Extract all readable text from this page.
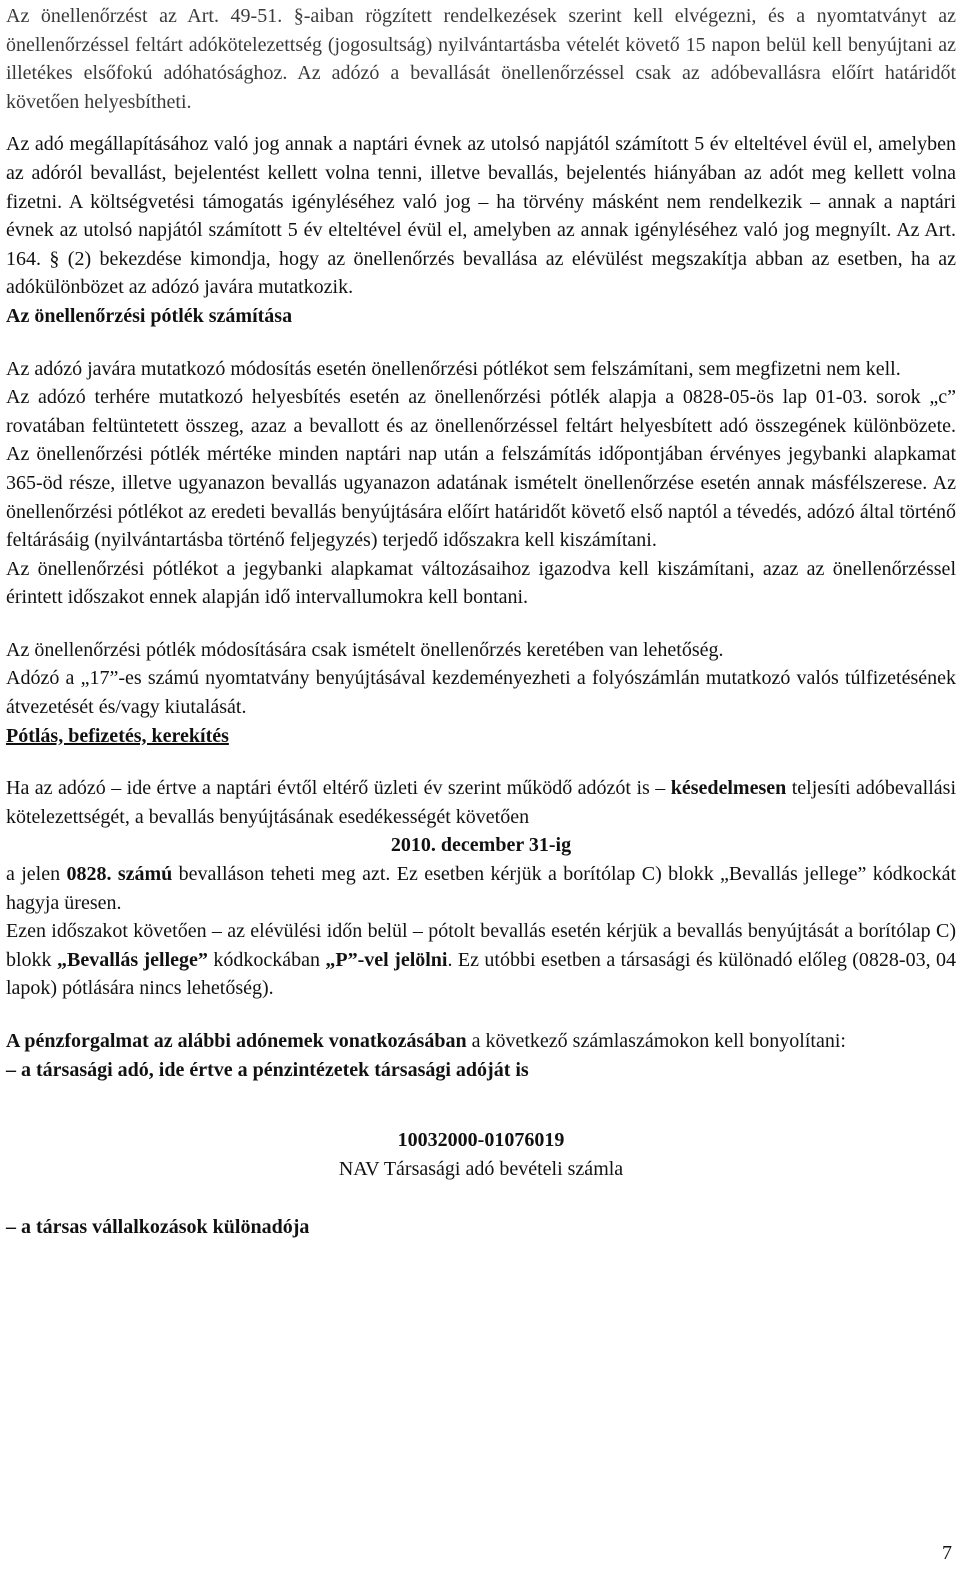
Az önellenőrzést az Art. 49-51. §-aiban rögzített rendelkezések szerint kell elvégezni, és a nyomtatványt az önellenőrzéssel feltárt adókötelezettség (jogosultság) nyilvántartásba vételét követő 15 napon belül kell benyújtani az illetékes elsőfokú adóhatósághoz. Az adózó a bevallását önellenőrzéssel csak az adóbevallásra előírt határidőt követően helyesbítheti.

Az adó megállapításához való jog annak a naptári évnek az utolsó napjától számított 5 év elteltével évül el, amelyben az adóról bevallást, bejelentést kellett volna tenni, illetve bevallás, bejelentés hiányában az adót meg kellett volna fizetni. A költségvetési támogatás igényléséhez való jog – ha törvény másként nem rendelkezik – annak a naptári évnek az utolsó napjától számított 5 év elteltével évül el, amelyben az annak igényléséhez való jog megnyílt. Az Art. 164. § (2) bekezdése kimondja, hogy az önellenőrzés bevallása az elévülést megszakítja abban az esetben, ha az adókülönbözet az adózó javára mutatkozik.

Az önellenőrzési pótlék számítása

Az adózó javára mutatkozó módosítás esetén önellenőrzési pótlékot sem felszámítani, sem megfizetni nem kell.

Az adózó terhére mutatkozó helyesbítés esetén az önellenőrzési pótlék alapja a 0828-05-ös lap 01-03. sorok „c” rovatában feltüntetett összeg, azaz a bevallott és az önellenőrzéssel feltárt helyesbített adó összegének különbözete. Az önellenőrzési pótlék mértéke minden naptári nap után a felszámítás időpontjában érvényes jegybanki alapkamat 365-öd része, illetve ugyanazon bevallás ugyanazon adatának ismételt önellenőrzése esetén annak másfélszerese. Az önellenőrzési pótlékot az eredeti bevallás benyújtására előírt határidőt követő első naptól a tévedés, adózó által történő feltárásáig (nyilvántartásba történő feljegyzés) terjedő időszakra kell kiszámítani.

Az önellenőrzési pótlékot a jegybanki alapkamat változásaihoz igazodva kell kiszámítani, azaz az önellenőrzéssel érintett időszakot ennek alapján idő intervallumokra kell bontani.

Az önellenőrzési pótlék módosítására csak ismételt önellenőrzés keretében van lehetőség.

Adózó a „17”-es számú nyomtatvány benyújtásával kezdeményezheti a folyószámlán mutatkozó valós túlfizetésének átvezetését és/vagy kiutalását.

Pótlás, befizetés, kerekítés

Ha az adózó – ide értve a naptári évtől eltérő üzleti év szerint működő adózót is – késedelmesen teljesíti adóbevallási kötelezettségét, a bevallás benyújtásának esedékességét követően

2010. december 31-ig

a jelen 0828. számú bevalláson teheti meg azt. Ez esetben kérjük a borítólap C) blokk „Bevallás jellege” kódkockát hagyja üresen.

Ezen időszakot követően – az elévülési időn belül – pótolt bevallás esetén kérjük a bevallás benyújtását a borítólap C) blokk „Bevallás jellege” kódkockában „P”-vel jelölni. Ez utóbbi esetben a társasági és különadó előleg (0828-03, 04 lapok) pótlására nincs lehetőség).

A pénzforgalmat az alábbi adónemek vonatkozásában a következő számlaszámokon kell bonyolítani:

– a társasági adó, ide értve a pénzintézetek társasági adóját is

10032000-01076019

NAV Társasági adó bevételi számla

– a társas vállalkozások különadója

7
